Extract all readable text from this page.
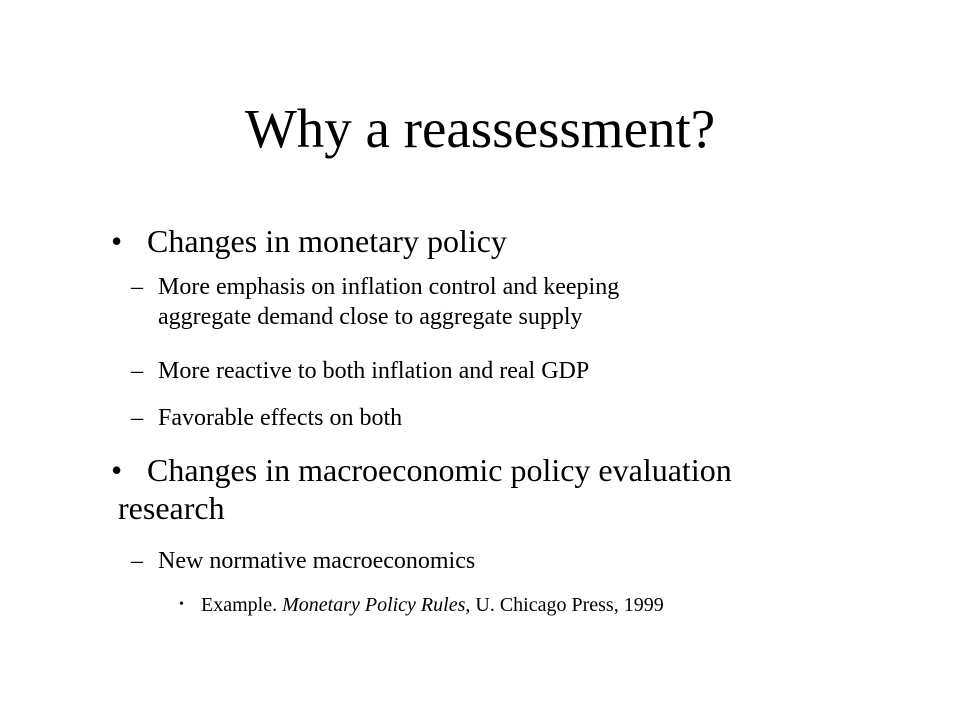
Why a reassessment?
• Changes in monetary policy
– More emphasis on inflation control and keeping
aggregate demand close to aggregate supply
– More reactive to both inflation and real GDP
– Favorable effects on both
• Changes in macroeconomic policy evaluation
research
– New normative macroeconomics
• Example. Monetary Policy Rules, U. Chicago Press, 1999
